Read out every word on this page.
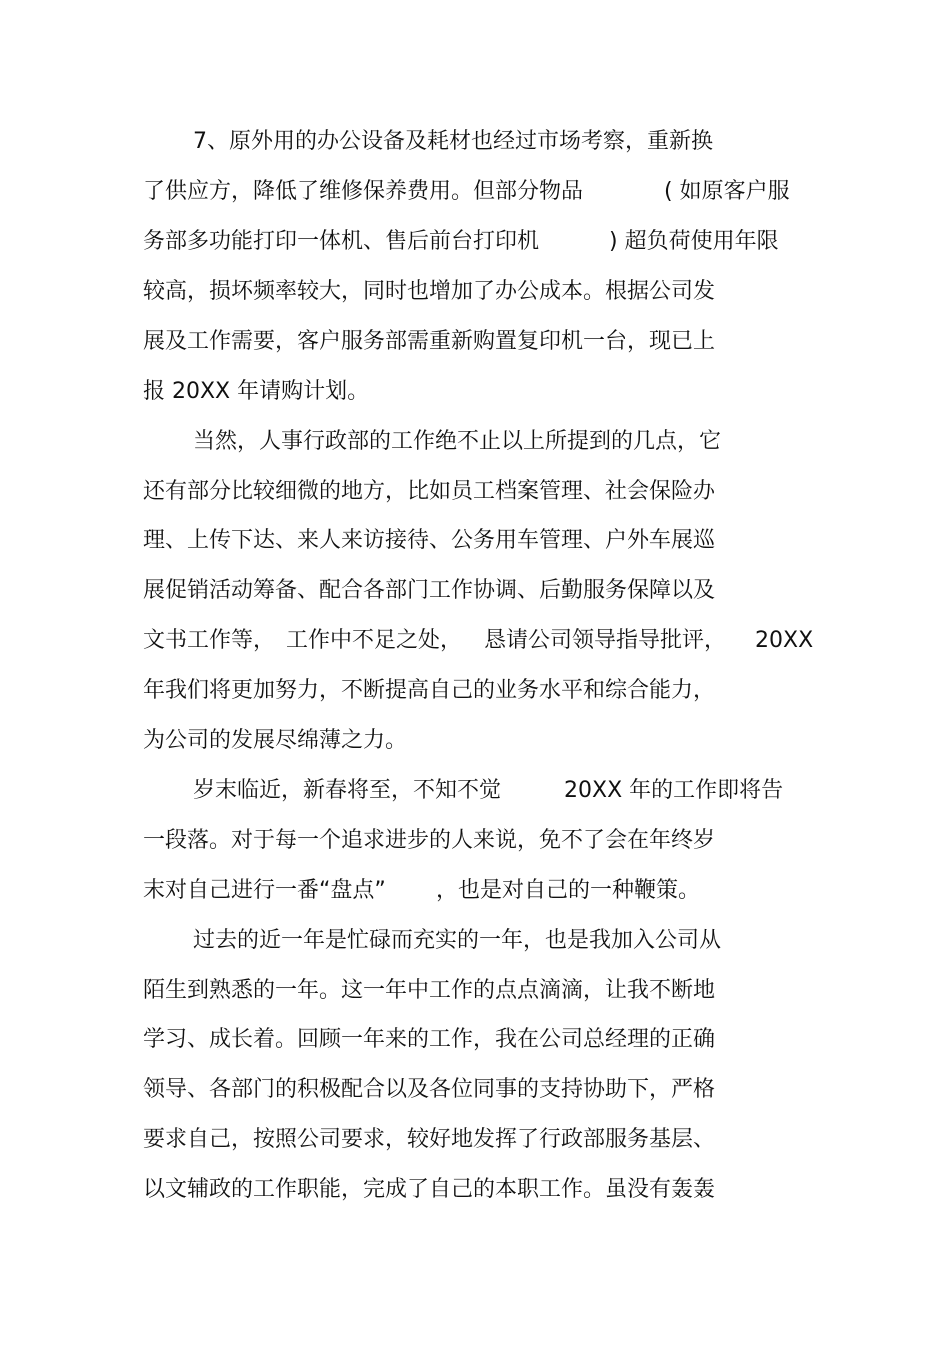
7、原外用的办公设备及耗材也经过市场考察，重新换

了供应方，降低了维修保养费用。但部分物品

	( 如原客户服

务部多功能打印一体机、售后前台打印机

	) 超负荷使用年限

较高，损坏频率较大，同时也增加了办公成本。根据公司发

展及工作需要，客户服务部需重新购置复印机一台，现已上

报 20XX 年请购计划。

当然，人事行政部的工作绝不止以上所提到的几点，它

还有部分比较细微的地方，比如员工档案管理、社会保险办

理、上传下达、来人来访接待、公务用车管理、户外车展巡

展促销活动筹备、配合各部门工作协调、后勤服务保障以及

文书工作等，

工作中不足之处，

恳请公司领导指导批评，

20XX

年我们将更加努力，不断提高自己的业务水平和综合能力，

为公司的发展尽绵薄之力。

岁末临近，新春将至，不知不觉

	20XX 年的工作即将告

一段落。对于每一个追求进步的人来说，免不了会在年终岁

末对自己进行一番“盘点”

，也是对自己的一种鞭策。

过去的近一年是忙碌而充实的一年，也是我加入公司从

陌生到熟悉的一年。这一年中工作的点点滴滴，让我不断地

学习、成长着。回顾一年来的工作，我在公司总经理的正确

领导、各部门的积极配合以及各位同事的支持协助下，严格

要求自己，按照公司要求，较好地发挥了行政部服务基层、

以文辅政的工作职能，完成了自己的本职工作。虽没有轰轰
